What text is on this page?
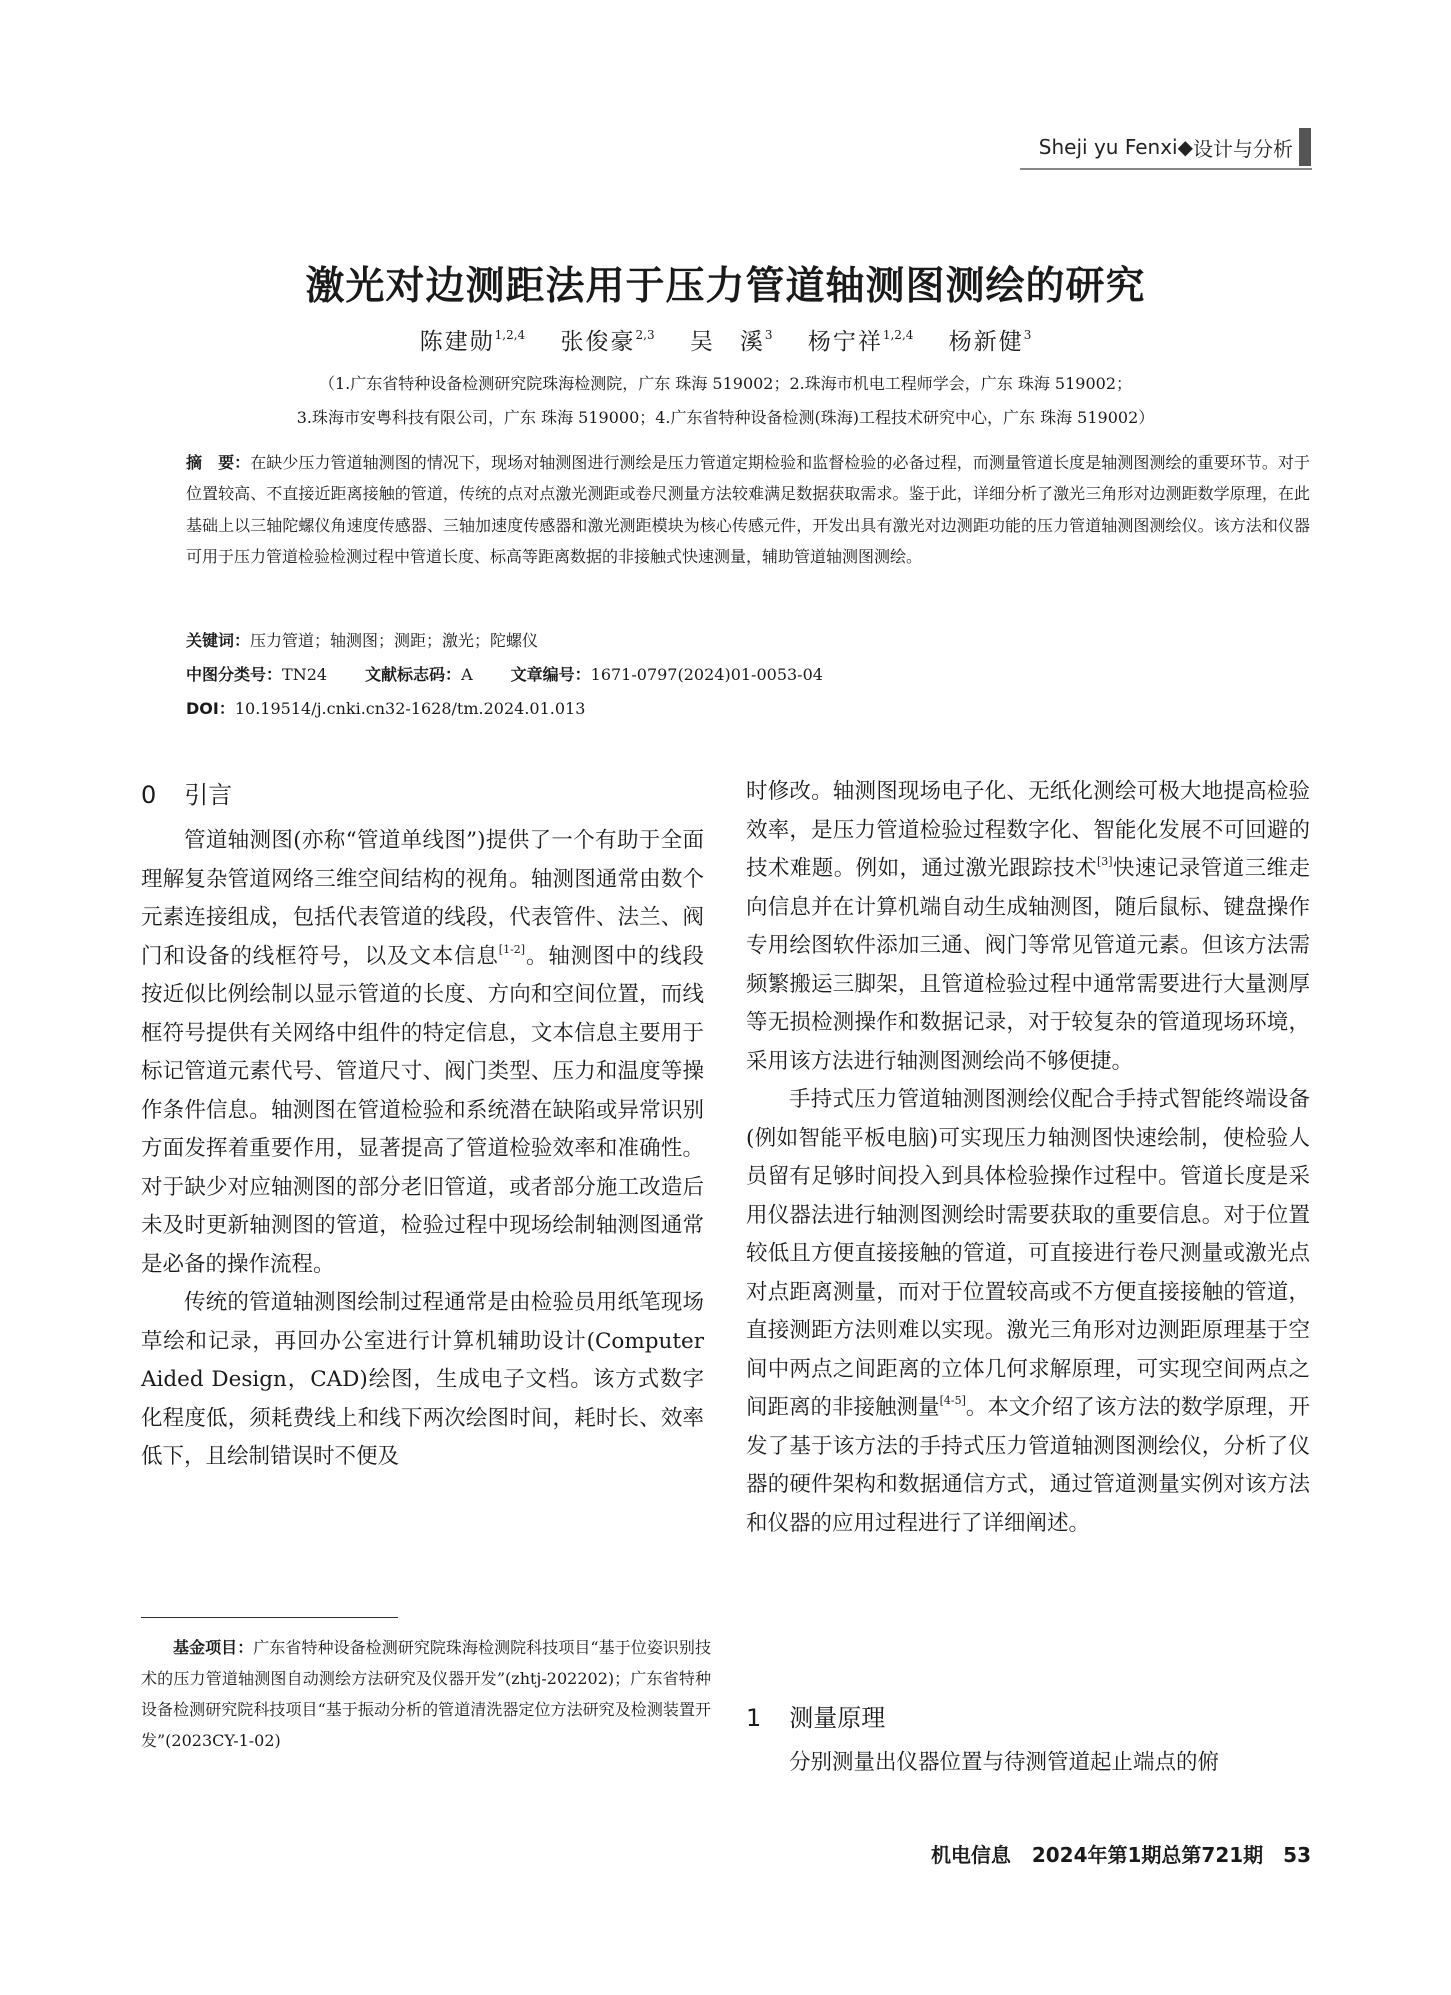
Sheji yu Fenxi ◆ 设计与分析
激光对边测距法用于压力管道轴测图测绘的研究
陈建勋$^{1,2,4}$ 张俊豪$^{2,3}$ 吴　溪$^3$ 杨宁祥$^{1,2,4}$ 杨新健$^3$
（1.广东省特种设备检测研究院珠海检测院，广东 珠海 519002；2.珠海市机电工程师学会，广东 珠海 519002；
3.珠海市安粤科技有限公司，广东 珠海 519000；4.广东省特种设备检测(珠海)工程技术研究中心，广东 珠海 519002）

摘　要：在缺少压力管道轴测图的情况下，现场对轴测图进行测绘是压力管道定期检验和监督检验的必备过程，而测量管道长度是轴测图测绘的重要环节。对于位置较高、不直接近距离接触的管道，传统的点对点激光测距或卷尺测量方法较难满足数据获取需求。鉴于此，详细分析了激光三角形对边测距数学原理，在此基础上以三轴陀螺仪角速度传感器、三轴加速度传感器和激光测距模块为核心传感元件，开发出具有激光对边测距功能的压力管道轴测图测绘仪。该方法和仪器可用于压力管道检验检测过程中管道长度、标高等距离数据的非接触式快速测量，辅助管道轴测图测绘。

关键词：压力管道；轴测图；测距；激光；陀螺仪
中图分类号：TN24 文献标志码：A 文章编号：1671-0797(2024)01-0053-04
DOI：10.19514/j.cnki.cn32-1628/tm.2024.01.013
0 引言

管道轴测图(亦称“管道单线图”)提供了一个有助于全面理解复杂管道网络三维空间结构的视角。轴测图通常由数个元素连接组成，包括代表管道的线段，代表管件、法兰、阀门和设备的线框符号，以及文本信息[1-2]。轴测图中的线段按近似比例绘制以显示管道的长度、方向和空间位置，而线框符号提供有关网络中组件的特定信息，文本信息主要用于标记管道元素代号、管道尺寸、阀门类型、压力和温度等操作条件信息。轴测图在管道检验和系统潜在缺陷或异常识别方面发挥着重要作用，显著提高了管道检验效率和准确性。对于缺少对应轴测图的部分老旧管道，或者部分施工改造后未及时更新轴测图的管道，检验过程中现场绘制轴测图通常是必备的操作流程。

传统的管道轴测图绘制过程通常是由检验员用纸笔现场草绘和记录，再回办公室进行计算机辅助设计(Computer Aided Design，CAD)绘图，生成电子文档。该方式数字化程度低，须耗费线上和线下两次绘图时间，耗时长、效率低下，且绘制错误时不便及

基金项目：广东省特种设备检测研究院珠海检测院科技项目“基于位姿识别技术的压力管道轴测图自动测绘方法研究及仪器开发”(zhtj-202202)；广东省特种设备检测研究院科技项目“基于振动分析的管道清洗器定位方法研究及检测装置开发”(2023CY-1-02)

时修改。轴测图现场电子化、无纸化测绘可极大地提高检验效率，是压力管道检验过程数字化、智能化发展不可回避的技术难题。例如，通过激光跟踪技术[3]快速记录管道三维走向信息并在计算机端自动生成轴测图，随后鼠标、键盘操作专用绘图软件添加三通、阀门等常见管道元素。但该方法需频繁搬运三脚架，且管道检验过程中通常需要进行大量测厚等无损检测操作和数据记录，对于较复杂的管道现场环境，采用该方法进行轴测图测绘尚不够便捷。

手持式压力管道轴测图测绘仪配合手持式智能终端设备(例如智能平板电脑)可实现压力轴测图快速绘制，使检验人员留有足够时间投入到具体检验操作过程中。管道长度是采用仪器法进行轴测图测绘时需要获取的重要信息。对于位置较低且方便直接接触的管道，可直接进行卷尺测量或激光点对点距离测量，而对于位置较高或不方便直接接触的管道，直接测距方法则难以实现。激光三角形对边测距原理基于空间中两点之间距离的立体几何求解原理，可实现空间两点之间距离的非接触测量[4-5]。本文介绍了该方法的数学原理，开发了基于该方法的手持式压力管道轴测图测绘仪，分析了仪器的硬件架构和数据通信方式，通过管道测量实例对该方法和仪器的应用过程进行了详细阐述。

1 测量原理

分别测量出仪器位置与待测管道起止端点的俯

机电信息 2024年第1期总第721期 53
